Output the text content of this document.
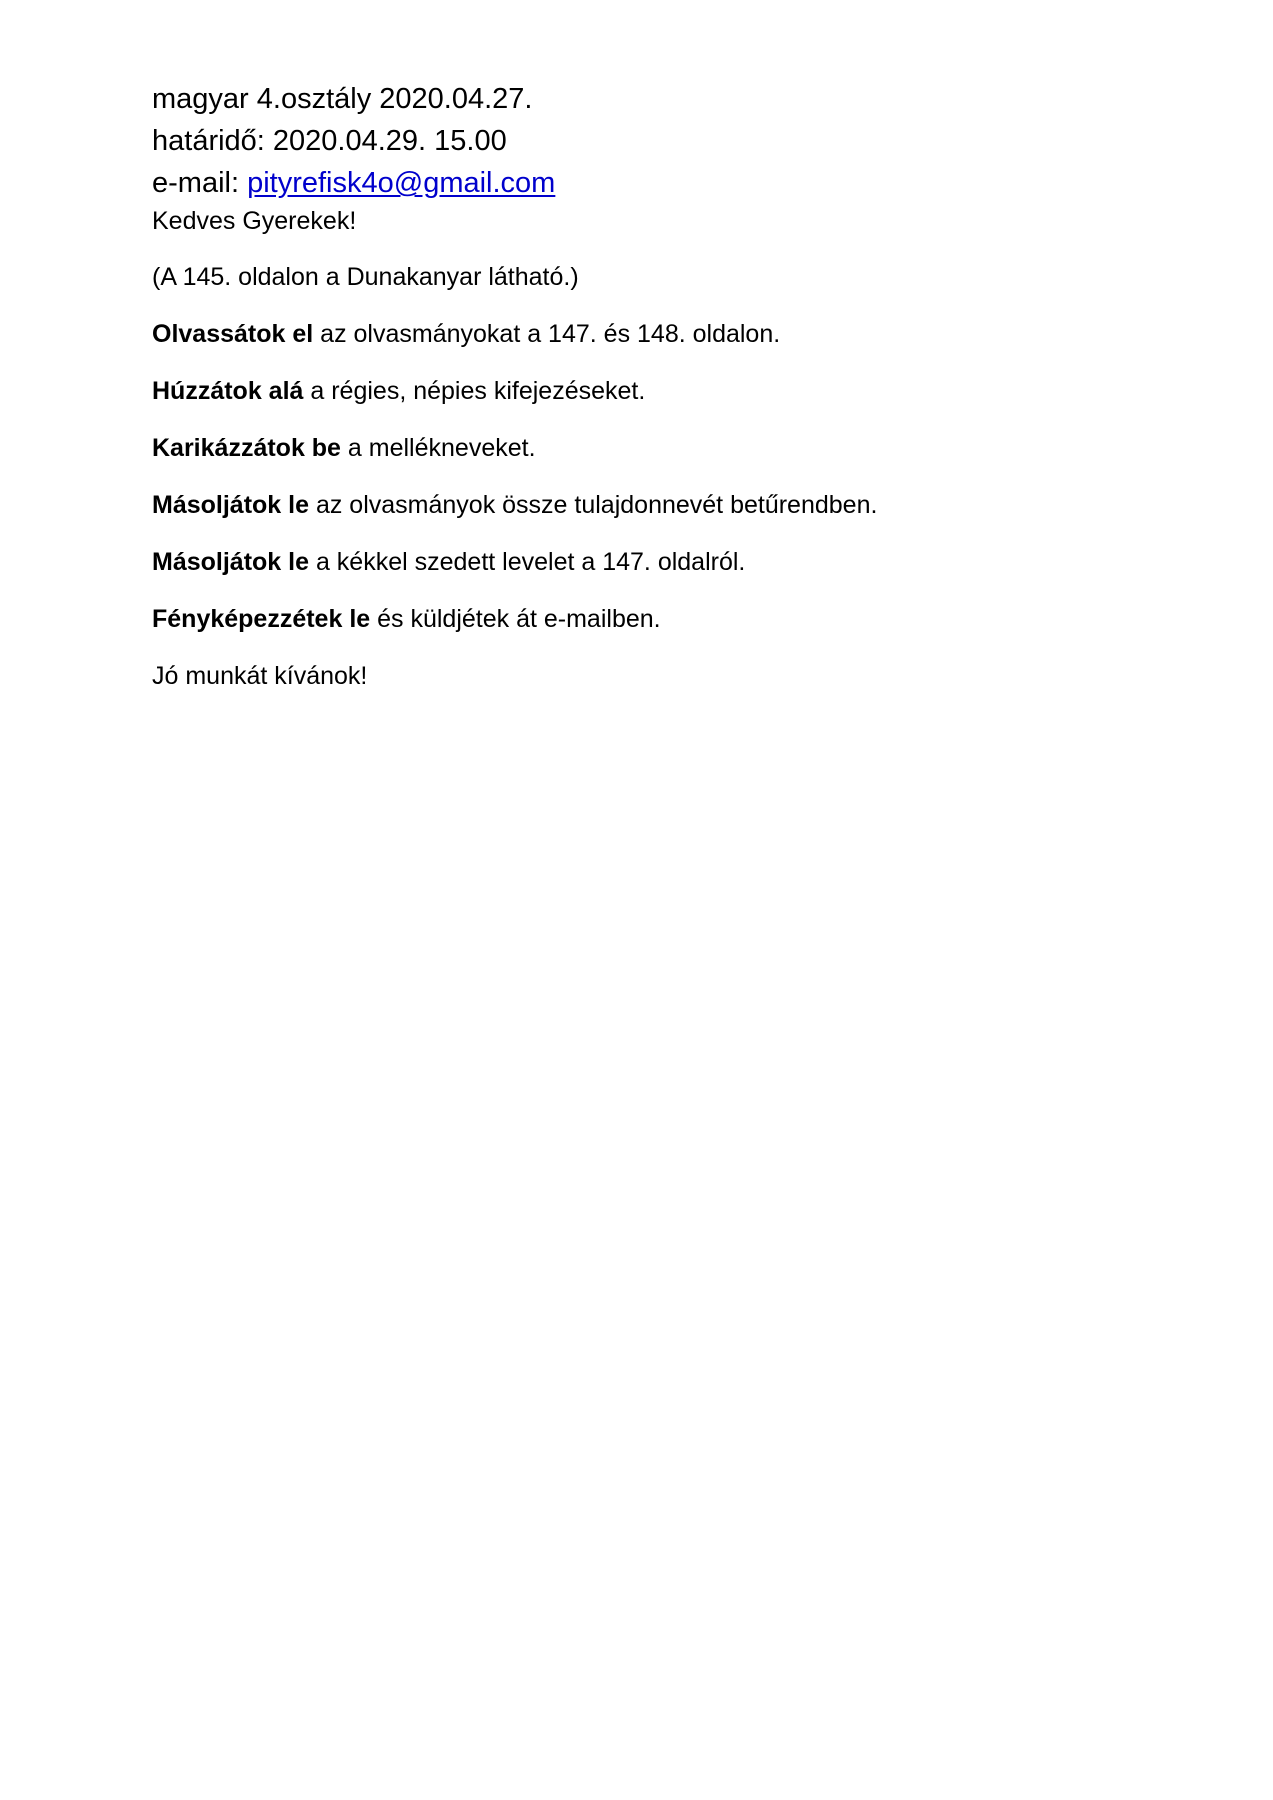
magyar 4.osztály 2020.04.27.
határidő: 2020.04.29. 15.00
e-mail: pityrefisk4o@gmail.com
Kedves Gyerekek!
(A 145. oldalon a Dunakanyar látható.)
Olvassátok el az olvasmányokat a 147. és 148. oldalon.
Húzzátok alá a régies, népies kifejezéseket.
Karikázzátok be a mellékneveket.
Másoljátok le az olvasmányok össze tulajdonnevét betűrendben.
Másoljátok le a kékkel szedett levelet a 147. oldalról.
Fényképezzétek le és küldjétek át e-mailben.
Jó munkát kívánok!
